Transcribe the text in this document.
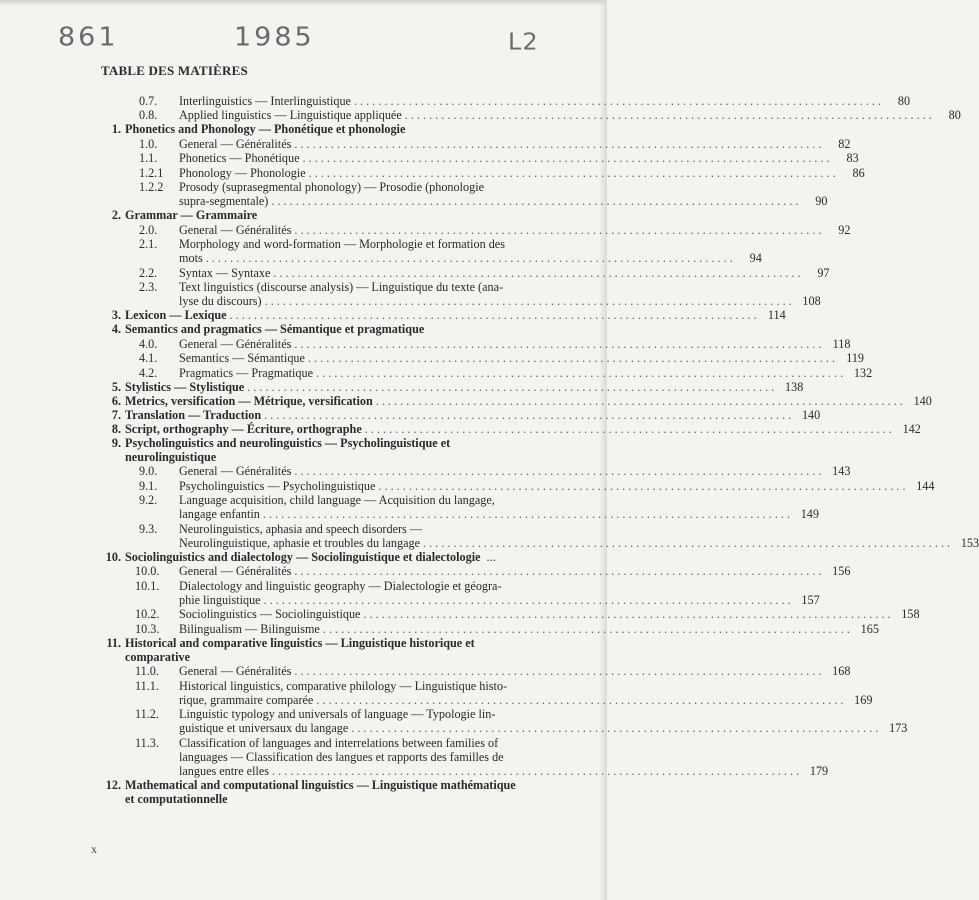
861	1985	L2
TABLE DES MATIÈRES
0.7.	Interlinguistics — Interlinguistique . . .	80
0.8.	Applied linguistics — Linguistique appliquée . . .	80
1. Phonetics and Phonology — Phonétique et phonologie
1.0.	General — Généralités . . .	82
1.1.	Phonetics — Phonétique . . .	83
1.2.1	Phonology — Phonologie . . .	86
1.2.2	Prosody (suprasegmental phonology) — Prosodie (phonologie
supra-segmentale) . . .	90
2. Grammar — Grammaire
2.0.	General — Généralités . . .	92
2.1.	Morphology and word-formation — Morphologie et formation des
mots . . .	94
2.2.	Syntax — Syntaxe . . .	97
2.3.	Text linguistics (discourse analysis) — Linguistique du texte (ana-
lyse du discours) . . .	108
3. Lexicon — Lexique . . .	114
4. Semantics and pragmatics — Sémantique et pragmatique
4.0.	General — Généralités . . .	118
4.1.	Semantics — Sémantique . . .	119
4.2.	Pragmatics — Pragmatique . . .	132
5. Stylistics — Stylistique . . .	138
6. Metrics, versification — Métrique, versification . . .	140
7. Translation — Traduction . . .	140
8. Script, orthography — Écriture, orthographe . . .	142
9. Psycholinguistics and neurolinguistics — Psycholinguistique et
neurolinguistique
9.0.	General — Généralités . . .	143
9.1.	Psycholinguistics — Psycholinguistique . . .	144
9.2.	Language acquisition, child language — Acquisition du langage,
langage enfantin . . .	149
9.3.	Neurolinguistics, aphasia and speech disorders —
Neurolinguistique, aphasie et troubles du langage . . .	153
10. Sociolinguistics and dialectology — Sociolinguistique et dialectologie ...
10.0.	General — Généralités . . .	156
10.1.	Dialectology and linguistic geography — Dialectologie et géogra-
phie linguistique . . .	157
10.2.	Sociolinguistics — Sociolinguistique . . .	158
10.3.	Bilingualism — Bilinguisme . . .	165
11. Historical and comparative linguistics — Linguistique historique et
comparative
11.0.	General — Généralités . . .	168
11.1.	Historical linguistics, comparative philology — Linguistique histo-
rique, grammaire comparée . . .	169
11.2.	Linguistic typology and universals of language — Typologie lin-
guistique et universaux du langage . . .	173
11.3.	Classification of languages and interrelations between families of
languages — Classification des langues et rapports des familles de
langues entre elles . . .	179
12. Mathematical and computational linguistics — Linguistique mathématique
et computationnelle
x
